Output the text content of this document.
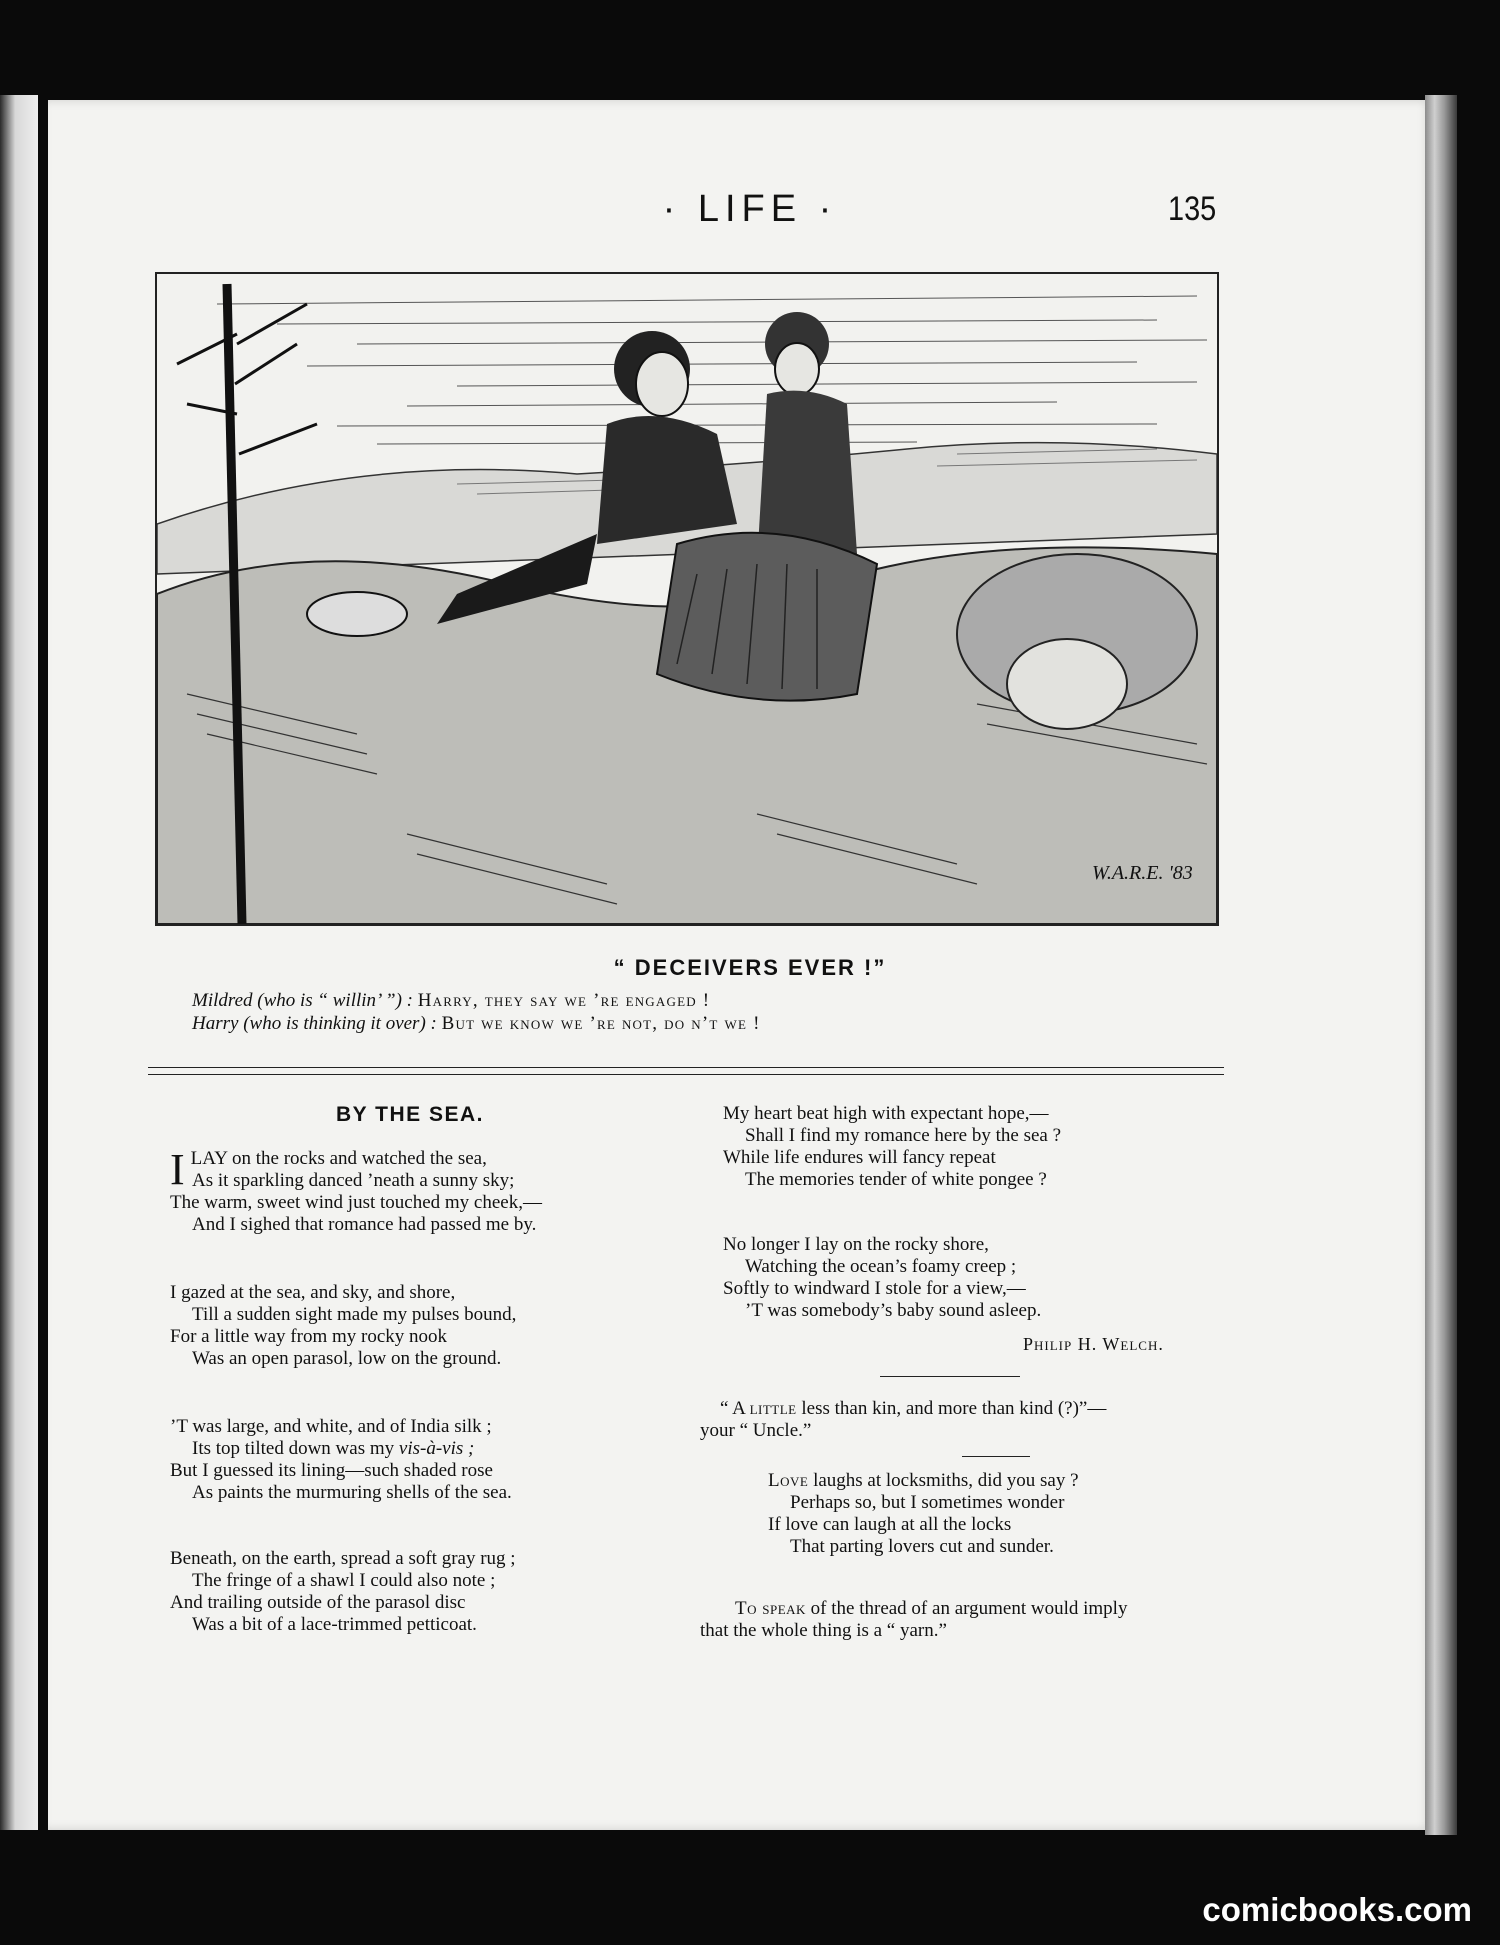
· LIFE ·	135
W.A.R.E. '83
“ DECEIVERS EVER !”
Mildred (who is “ willin’ ”) : Harry, they say we ’re engaged !
Harry (who is thinking it over) : But we know we ’re not, do n’t we !
BY THE SEA.
I LAY on the rocks and watched the sea,
As it sparkling danced ’neath a sunny sky;
The warm, sweet wind just touched my cheek,—
And I sighed that romance had passed me by.
I gazed at the sea, and sky, and shore,
Till a sudden sight made my pulses bound,
For a little way from my rocky nook
Was an open parasol, low on the ground.
’T was large, and white, and of India silk ;
Its top tilted down was my vis-à-vis ;
But I guessed its lining—such shaded rose
As paints the murmuring shells of the sea.
Beneath, on the earth, spread a soft gray rug ;
The fringe of a shawl I could also note ;
And trailing outside of the parasol disc
Was a bit of a lace-trimmed petticoat.
My heart beat high with expectant hope,—
Shall I find my romance here by the sea ?
While life endures will fancy repeat
The memories tender of white pongee ?
No longer I lay on the rocky shore,
Watching the ocean’s foamy creep ;
Softly to windward I stole for a view,—
’T was somebody’s baby sound asleep.
Philip H. Welch.
“ A little less than kin, and more than kind (?)”—
your “ Uncle.”
Love laughs at locksmiths, did you say ?
Perhaps so, but I sometimes wonder
If love can laugh at all the locks
That parting lovers cut and sunder.
To speak of the thread of an argument would imply
that the whole thing is a “ yarn.”
comicbooks.com
